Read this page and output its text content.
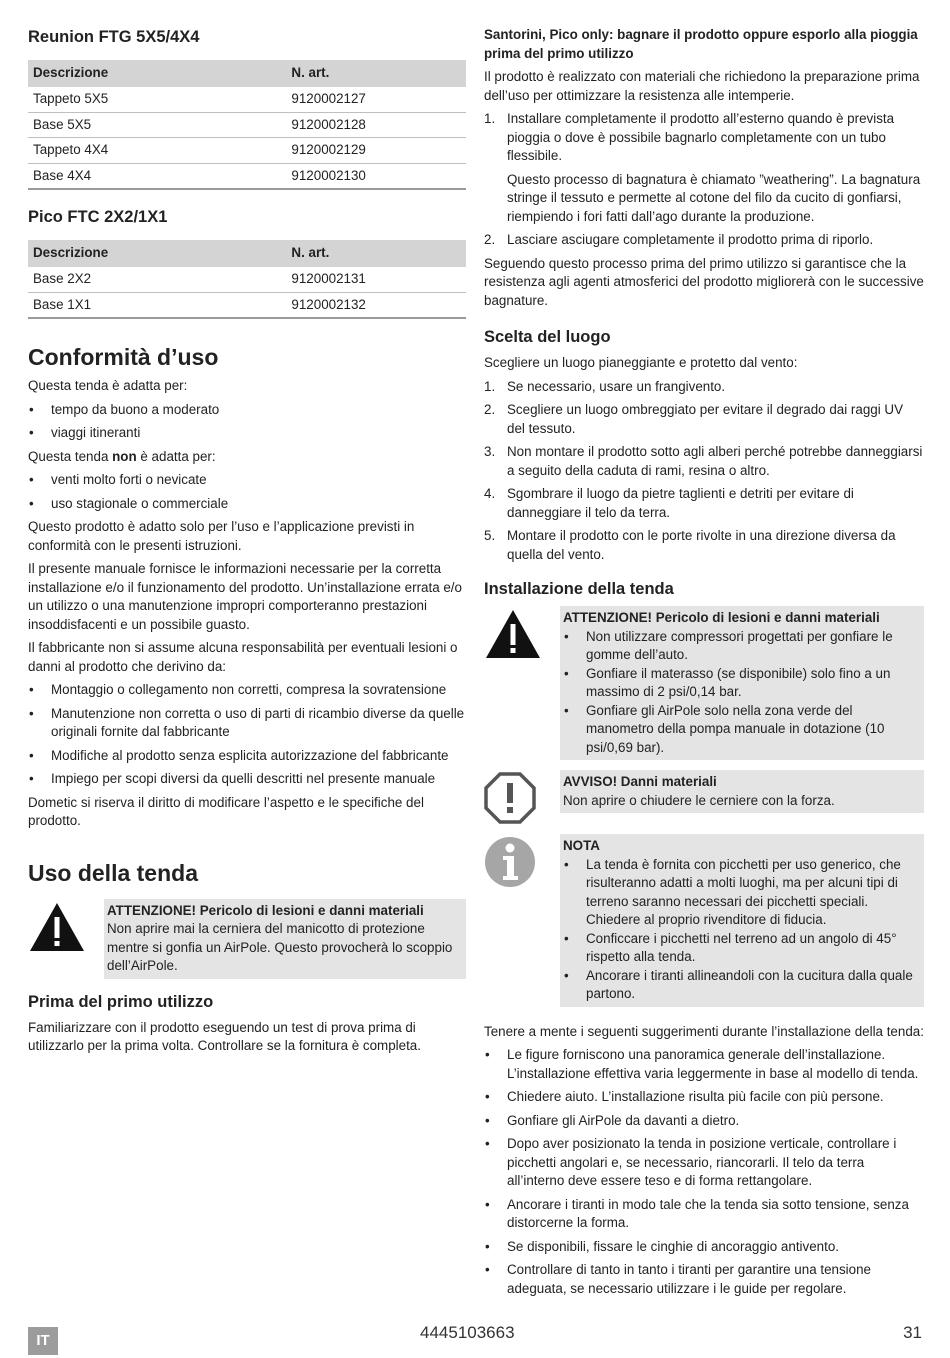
Reunion FTG 5X5/4X4
Descrizione	N. art.
Tappeto 5X5	9120002127
Base 5X5	9120002128
Tappeto 4X4	9120002129
Base 4X4	9120002130
Pico FTC 2X2/1X1
Descrizione	N. art.
Base 2X2	9120002131
Base 1X1	9120002132
Conformità d’uso

Questa tenda è adatta per:

• tempo da buono a moderato
• viaggi itineranti

Questa tenda non è adatta per:

• venti molto forti o nevicate
• uso stagionale o commerciale

Questo prodotto è adatto solo per l’uso e l’applicazione previsti in conformità con le presenti istruzioni.

Il presente manuale fornisce le informazioni necessarie per la corretta installazione e/o il funzionamento del prodotto. Un’installazione errata e/o un utilizzo o una manutenzione impropri comporteranno prestazioni insoddisfacenti e un possibile guasto.

Il fabbricante non si assume alcuna responsabilità per eventuali lesioni o danni al prodotto che derivino da:

• Montaggio o collegamento non corretti, compresa la sovratensione
• Manutenzione non corretta o uso di parti di ricambio diverse da quelle originali fornite dal fabbricante
• Modifiche al prodotto senza esplicita autorizzazione del fabbricante
• Impiego per scopi diversi da quelli descritti nel presente manuale

Dometic si riserva il diritto di modificare l’aspetto e le specifiche del prodotto.

Uso della tenda
ATTENZIONE! Pericolo di lesioni e danni materiali
Non aprire mai la cerniera del manicotto di protezione mentre si gonfia un AirPole. Questo provocherà lo scoppio dell’AirPole.
Prima del primo utilizzo

Familiarizzare con il prodotto eseguendo un test di prova prima di utilizzarlo per la prima volta. Controllare se la fornitura è completa.

Santorini, Pico only: bagnare il prodotto oppure esporlo alla pioggia prima del primo utilizzo

Il prodotto è realizzato con materiali che richiedono la preparazione prima dell’uso per ottimizzare la resistenza alle intemperie.

1. Installare completamente il prodotto all’esterno quando è prevista pioggia o dove è possibile bagnarlo completamente con un tubo flessibile.
Questo processo di bagnatura è chiamato ”weathering”. La bagnatura stringe il tessuto e permette al cotone del filo da cucito di gonfiarsi, riempiendo i fori fatti dall’ago durante la produzione.
2. Lasciare asciugare completamente il prodotto prima di riporlo.

Seguendo questo processo prima del primo utilizzo si garantisce che la resistenza agli agenti atmosferici del prodotto migliorerà con le successive bagnature.

Scelta del luogo

Scegliere un luogo pianeggiante e protetto dal vento:

1. Se necessario, usare un frangivento.
2. Scegliere un luogo ombreggiato per evitare il degrado dai raggi UV del tessuto.
3. Non montare il prodotto sotto agli alberi perché potrebbe danneggiarsi a seguito della caduta di rami, resina o altro.
4. Sgombrare il luogo da pietre taglienti e detriti per evitare di danneggiare il telo da terra.
5. Montare il prodotto con le porte rivolte in una direzione diversa da quella del vento.
Installazione della tenda
ATTENZIONE! Pericolo di lesioni e danni materiali
• Non utilizzare compressori progettati per gonfiare le gomme dell’auto.
• Gonfiare il materasso (se disponibile) solo fino a un massimo di 2 psi/0,14 bar.
• Gonfiare gli AirPole solo nella zona verde del manometro della pompa manuale in dotazione (10 psi/0,69 bar).
AVVISO! Danni materiali
Non aprire o chiudere le cerniere con la forza.
NOTA
• La tenda è fornita con picchetti per uso generico, che risulteranno adatti a molti luoghi, ma per alcuni tipi di terreno saranno necessari dei picchetti speciali. Chiedere al proprio rivenditore di fiducia.
• Conficcare i picchetti nel terreno ad un angolo di 45° rispetto alla tenda.
• Ancorare i tiranti allineandoli con la cucitura dalla quale partono.

Tenere a mente i seguenti suggerimenti durante l’installazione della tenda:

• Le figure forniscono una panoramica generale dell’installazione. L’installazione effettiva varia leggermente in base al modello di tenda.
• Chiedere aiuto. L’installazione risulta più facile con più persone.
• Gonfiare gli AirPole da davanti a dietro.
• Dopo aver posizionato la tenda in posizione verticale, controllare i picchetti angolari e, se necessario, riancorarli. Il telo da terra all’interno deve essere teso e di forma rettangolare.
• Ancorare i tiranti in modo tale che la tenda sia sotto tensione, senza distorcerne la forma.
• Se disponibili, fissare le cinghie di ancoraggio antivento.
• Controllare di tanto in tanto i tiranti per garantire una tensione adeguata, se necessario utilizzare i le guide per regolare.
IT	4445103663	31
